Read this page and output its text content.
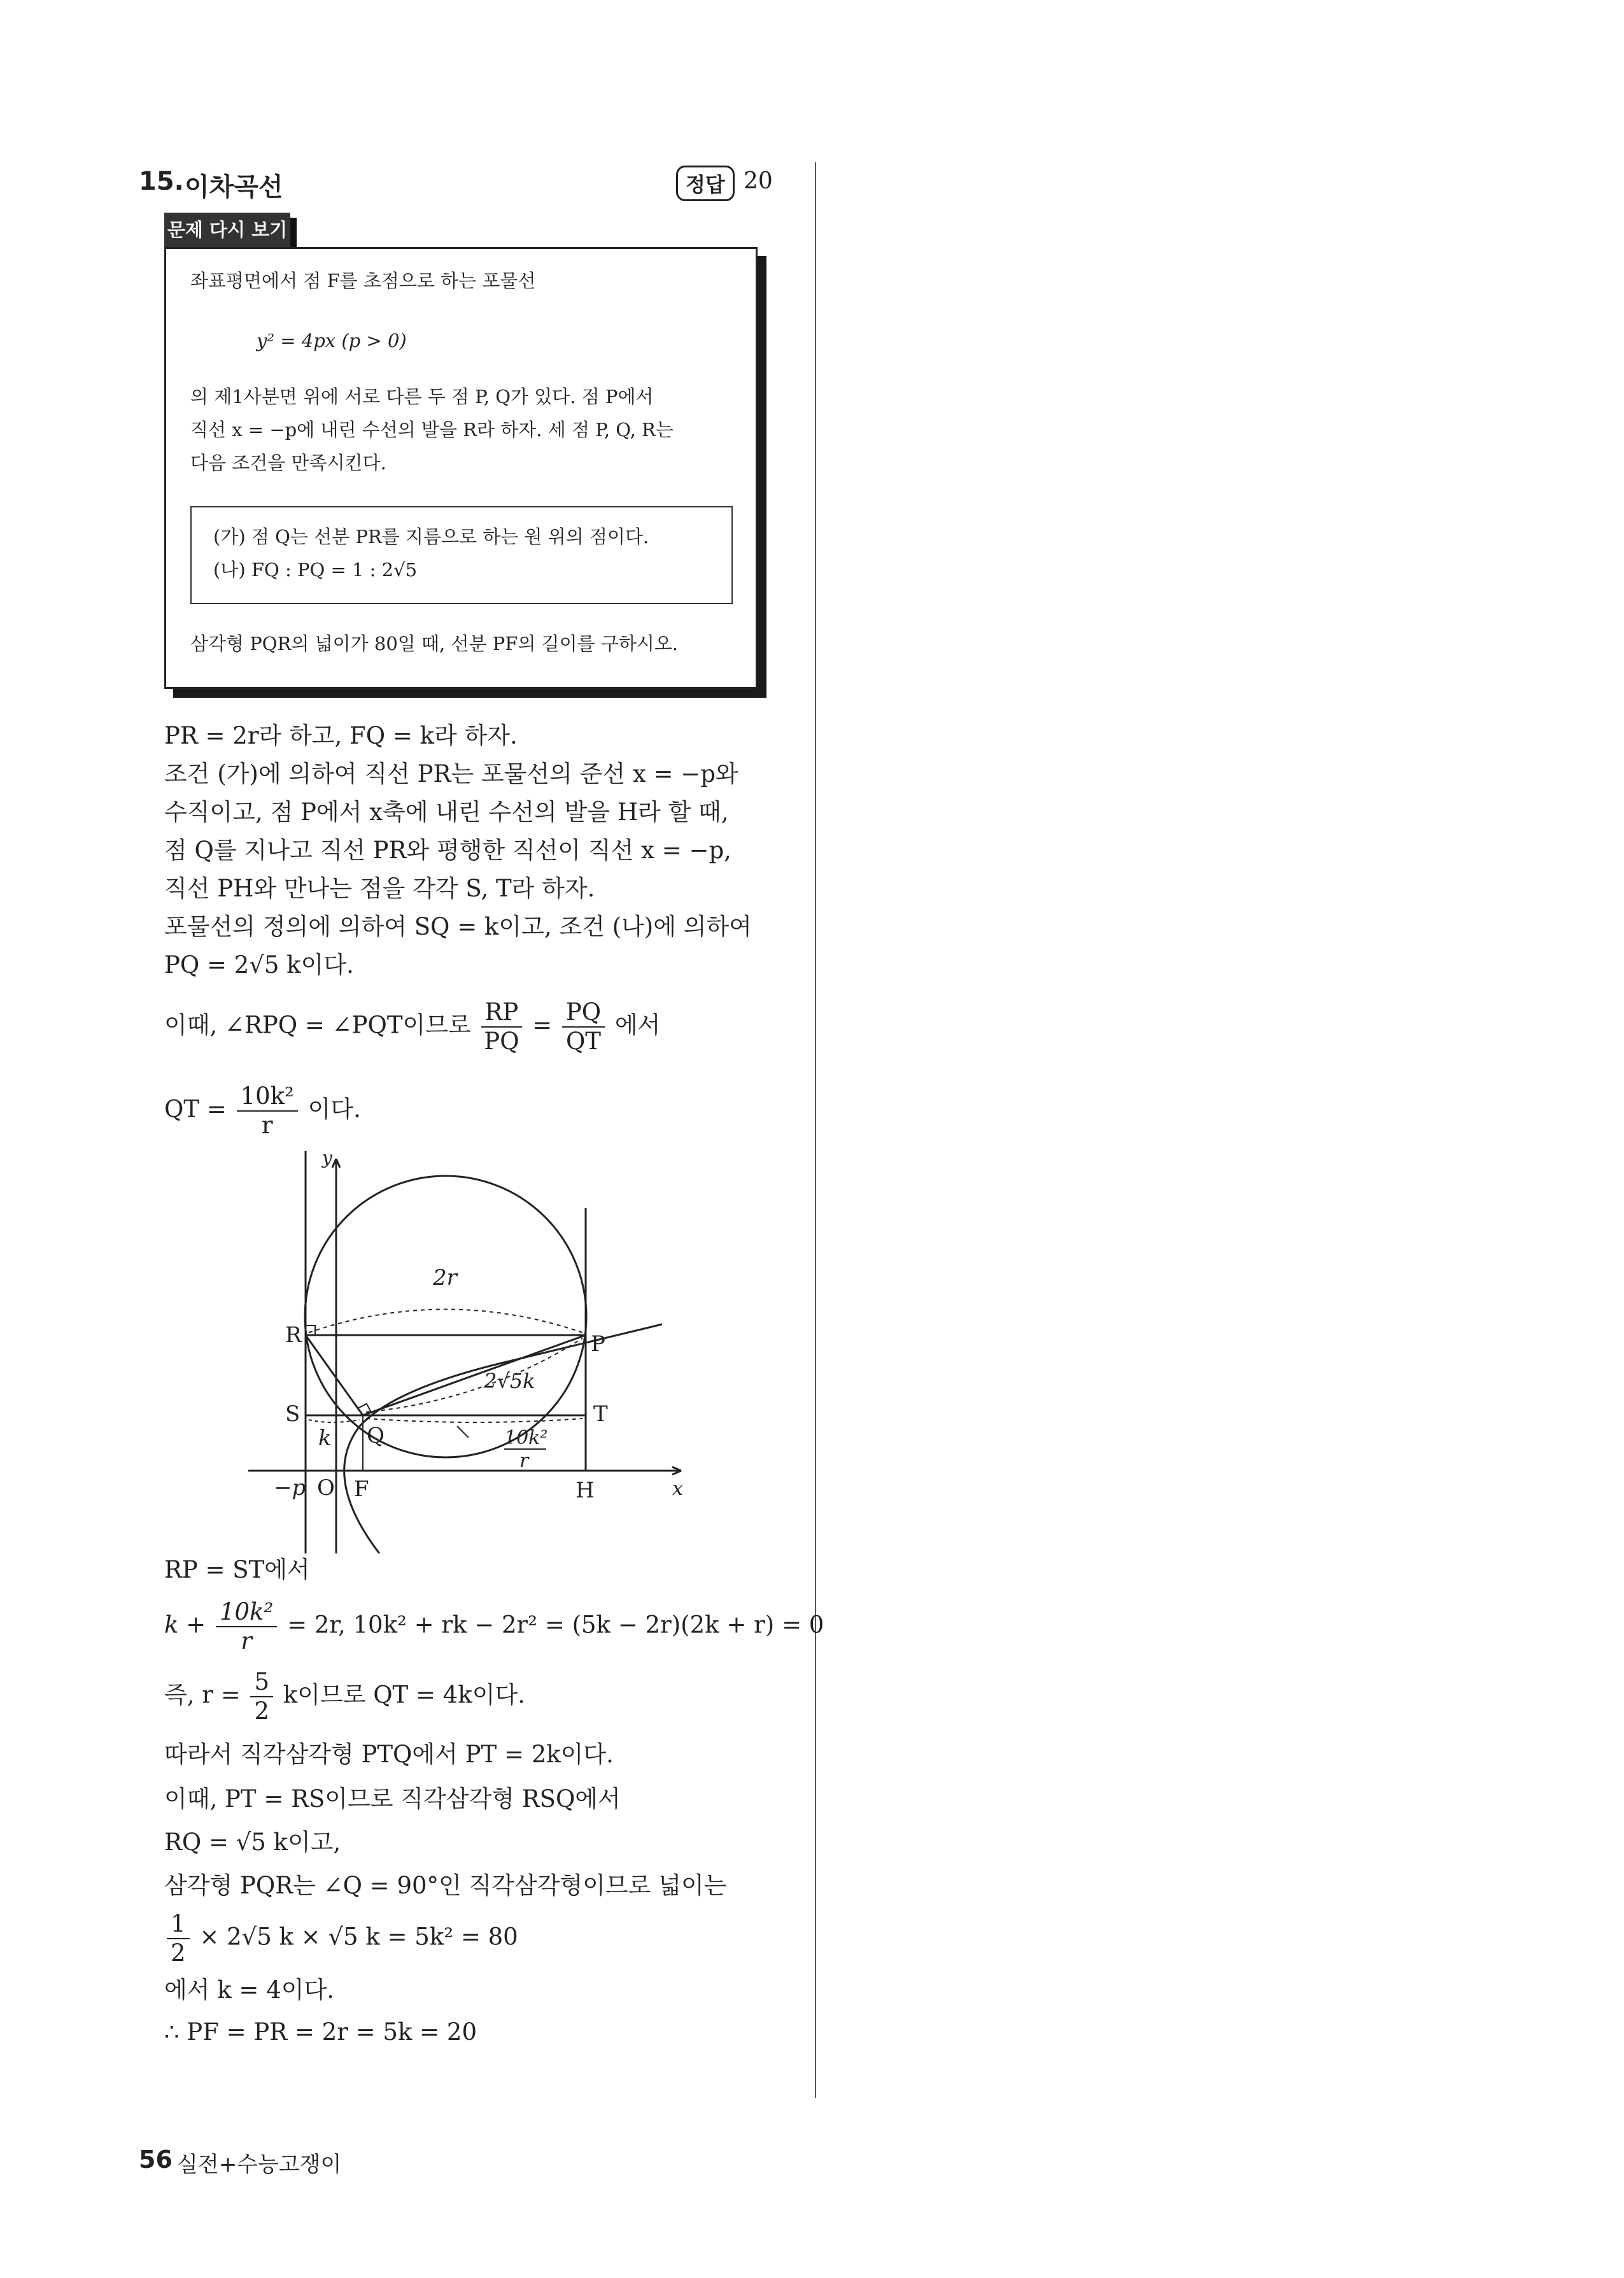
15. 이차곡선	정답 20
문제 다시 보기
좌표평면에서 점 F를 초점으로 하는 포물선
y² = 4px (p > 0)
의 제1사분면 위에 서로 다른 두 점 P, Q가 있다. 점 P에서
직선 x = −p에 내린 수선의 발을 R라 하자. 세 점 P, Q, R는
다음 조건을 만족시킨다.
(가) 점 Q는 선분 PR를 지름으로 하는 원 위의 점이다.
(나) FQ : PQ = 1 : 2√5
삼각형 PQR의 넓이가 80일 때, 선분 PF의 길이를 구하시오.
PR = 2r라 하고, FQ = k라 하자.
조건 (가)에 의하여 직선 PR는 포물선의 준선 x = −p와
수직이고, 점 P에서 x축에 내린 수선의 발을 H라 할 때,
점 Q를 지나고 직선 PR와 평행한 직선이 직선 x = −p,
직선 PH와 만나는 점을 각각 S, T라 하자.
포물선의 정의에 의하여 SQ = k이고, 조건 (나)에 의하여
PQ = 2√5 k이다.
이때, ∠RPQ = ∠PQT이므로 $\frac{RP}{PQ} = \frac{PQ}{QT}$ 에서
QT = $\frac{\text{10k²}}{r}$ 이다.
y
x
2r
R	P
2√5k
S	T
k Q	10k²
r
−p O F	H
RP = ST에서
$k + \frac{\text{10k²}}{r} = 2r$, 10k² + rk − 2r² = (5k − 2r)(2k + r) = 0
즉, $r = \frac{5}{2}$ k이므로 QT = 4k이다.
따라서 직각삼각형 PTQ에서 PT = 2k이다.
이때, PT = RS이므로 직각삼각형 RSQ에서
RQ = √5 k이고,
삼각형 PQR는 ∠Q = 90°인 직각삼각형이므로 넓이는
$\frac{1}{2} \times 2√5$ k × √5 k = 5k² = 80
에서 k = 4이다.
∴ PF = PR = 2r = 5k = 20
56 실전+수능고쟁이
